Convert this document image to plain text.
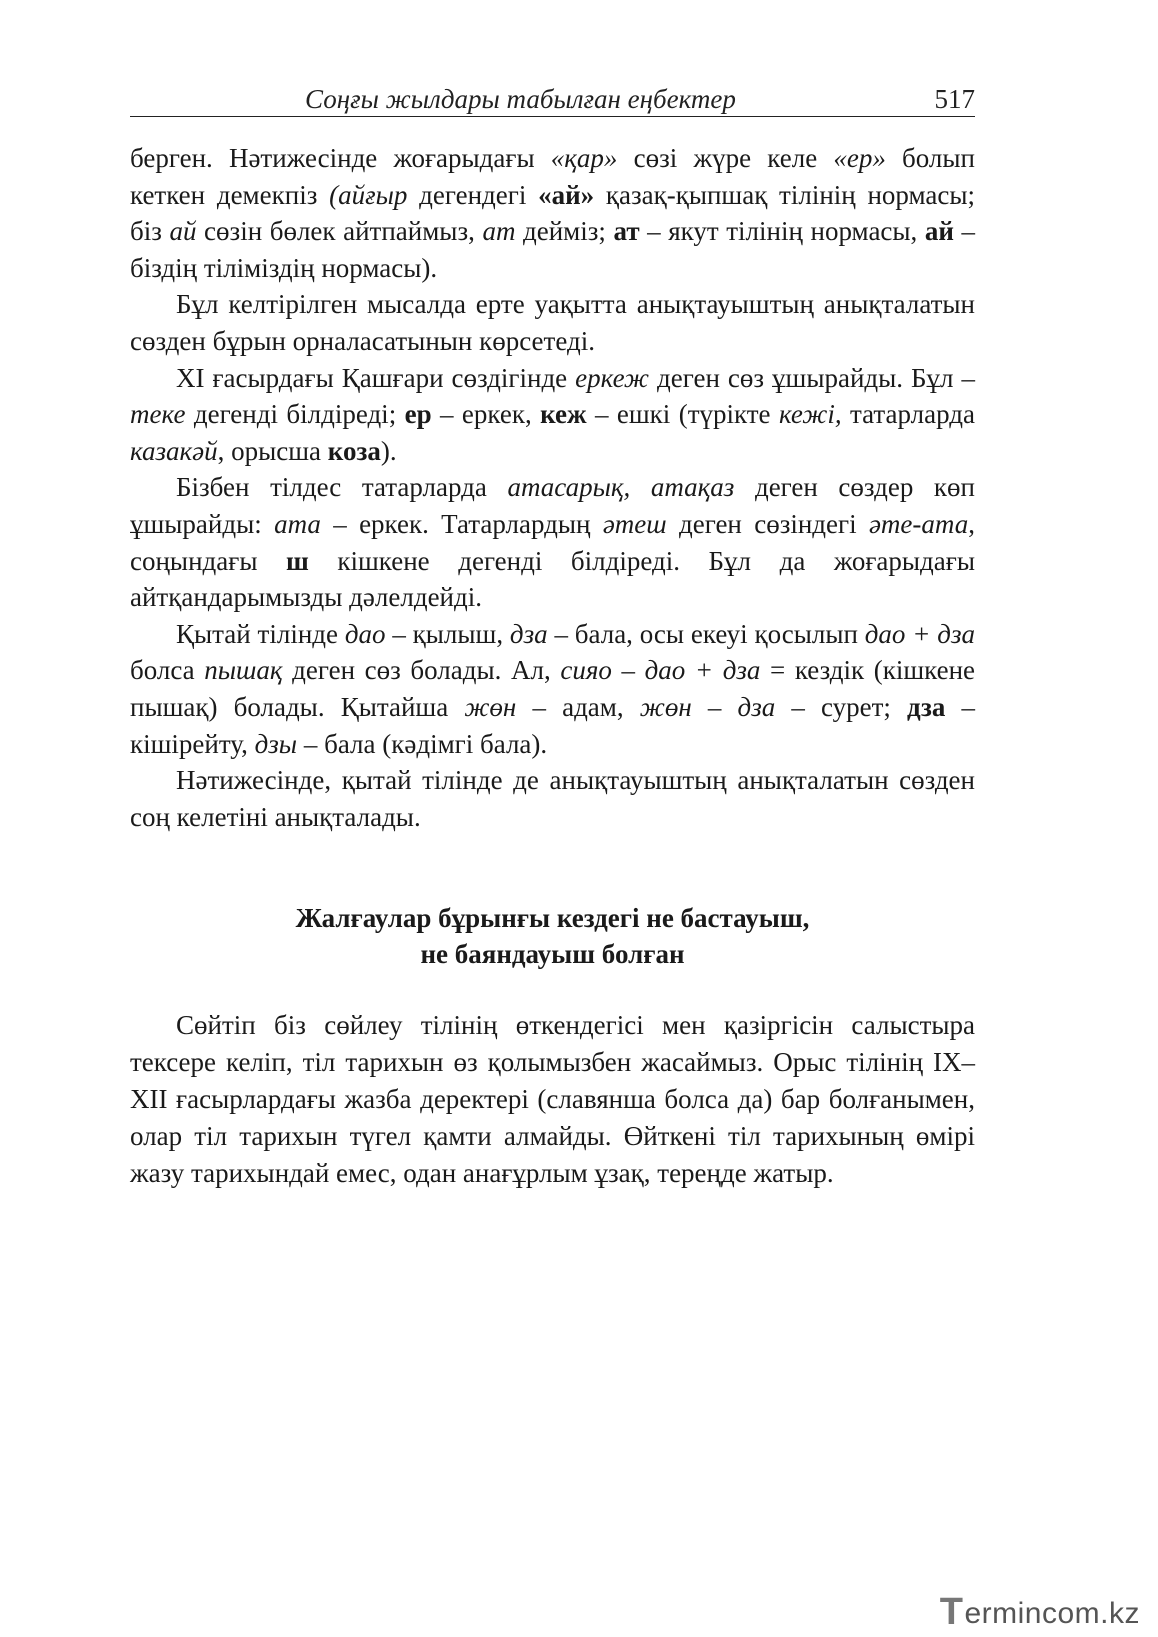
Соңғы жылдары табылған еңбектер	517

берген. Нәтижесінде жоғарыдағы «қар» сөзі жүре келе «ер» болып кеткен демекпіз (айғыр дегендегі «ай» қазақ-қыпшақ тілінің нормасы; біз ай сөзін бөлек айтпаймыз, ат дейміз; ат – якут тілінің нормасы, ай – біздің тіліміздің нормасы).

Бұл келтірілген мысалда ерте уақытта анықтауыштың анықталатын сөзден бұрын орналасатынын көрсетеді.

XI ғасырдағы Қашғари сөздігінде еркеж деген сөз ұшырайды. Бұл – теке дегенді білдіреді; ер – еркек, кеж – ешкі (түрікте кежі, татарларда казакәй, орысша коза).

Бізбен тілдес татарларда атасарық, атақаз деген сөздер көп ұшырайды: ата – еркек. Татарлардың әтеш деген сөзіндегі әте-ата, соңындағы ш кішкене дегенді білдіреді. Бұл да жоғарыдағы айтқандарымызды дәлелдейді.

Қытай тілінде дао – қылыш, дза – бала, осы екеуі қосылып дао + дза болса пышақ деген сөз болады. Ал, сияо – дао + дза = кездік (кішкене пышақ) болады. Қытайша жөн – адам, жөн – дза – сурет; дза – кішірейту, дзы – бала (кәдімгі бала).

Нәтижесінде, қытай тілінде де анықтауыштың анықталатын сөзден соң келетіні анықталады.

Жалғаулар бұрынғы кездегі не бастауыш,
не баяндауыш болған

Сөйтіп біз сөйлеу тілінің өткендегісі мен қазіргісін салыстыра тексере келіп, тіл тарихын өз қолымызбен жасаймыз. Орыс тілінің IX–XII ғасырлардағы жазба деректері (славянша болса да) бар болғанымен, олар тіл тарихын түгел қамти алмайды. Өйткені тіл тарихының өмірі жазу тарихындай емес, одан анағұрлым ұзақ, тереңде жатыр.

T ermincom.kz
